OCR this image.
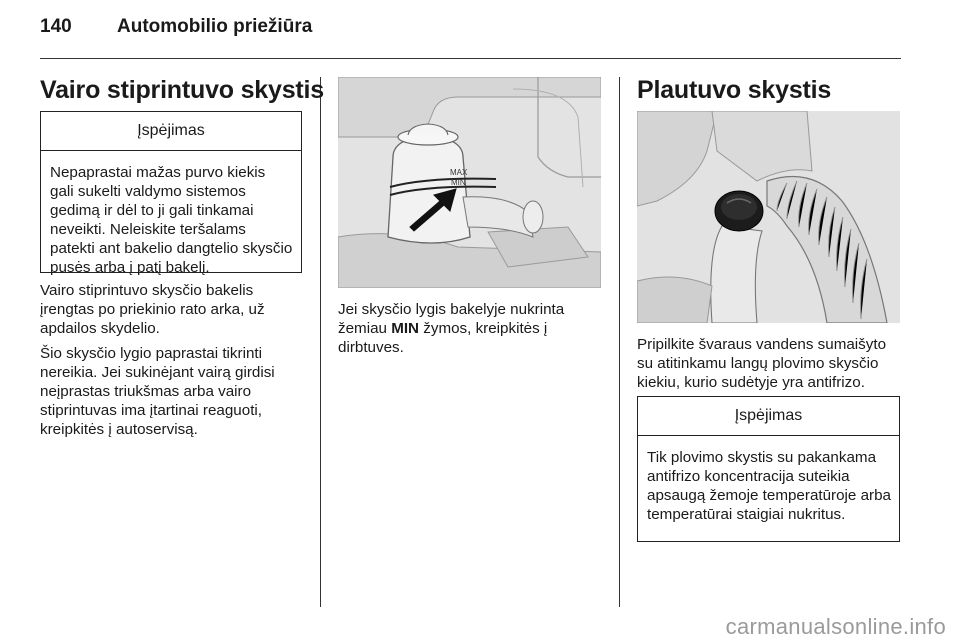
140 Automobilio priežiūra
Vairo stiprintuvo skystis
Įspėjimas
Nepaprastai mažas purvo kiekis gali sukelti valdymo sistemos gedimą ir dėl to ji gali tinkamai neveikti. Neleiskite teršalams patekti ant bakelio dangtelio skysčio pusės arba į patį bakelį.

Vairo stiprintuvo skysčio bakelis įrengtas po priekinio rato arka, už apdailos skydelio.

Šio skysčio lygio paprastai tikrinti nereikia. Jei sukinėjant vairą girdisi neįprastas triukšmas arba vairo stiprintuvas ima įtartinai reaguoti, kreipkitės į autoservisą.

MAX
MIN
Jei skysčio lygis bakelyje nukrinta žemiau MIN žymos, kreipkitės į dirbtuves.
Plautuvo skystis
Pripilkite švaraus vandens sumaišyto su atitinkamu langų plovimo skysčio kiekiu, kurio sudėtyje yra antifrizo.
Įspėjimas
Tik plovimo skystis su pakankama antifrizo koncentracija suteikia apsaugą žemoje temperatūroje arba temperatūrai staigiai nukritus.
carmanualsonline.info
